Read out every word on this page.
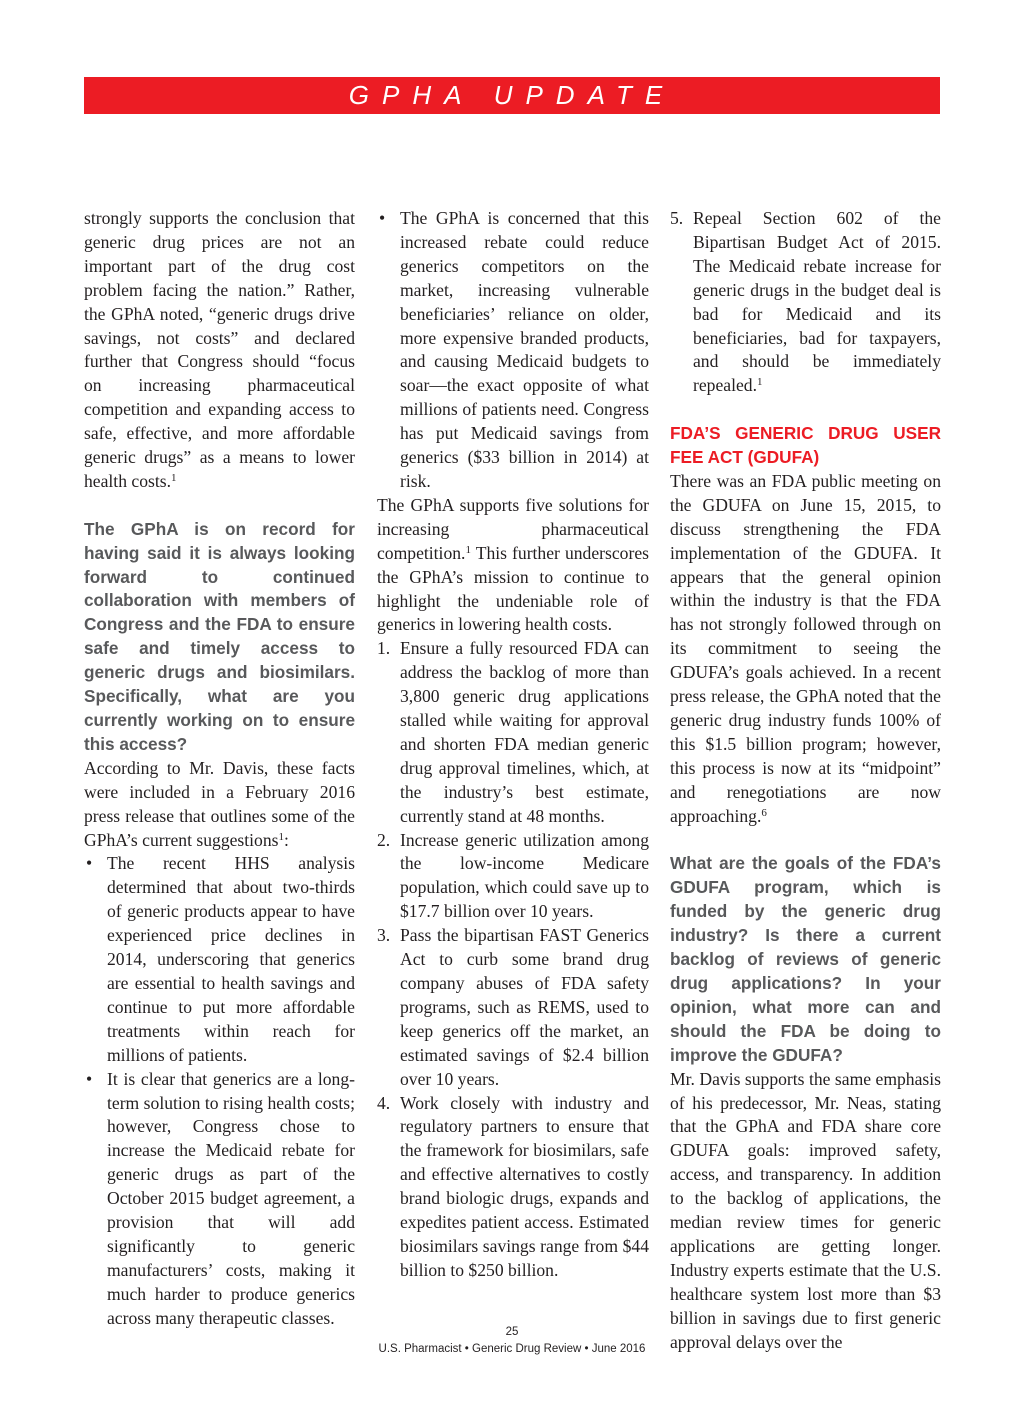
GPHA UPDATE

strongly supports the conclusion that generic drug prices are not an important part of the drug cost problem facing the nation.” Rather, the GPhA noted, “generic drugs drive savings, not costs” and declared further that Congress should “focus on increasing pharmaceutical competition and expanding access to safe, effective, and more affordable generic drugs” as a means to lower health costs.$^1$

The GPhA is on record for having said it is always looking forward to continued collaboration with members of Congress and the FDA to ensure safe and timely access to generic drugs and biosimilars. Specifically, what are you currently working on to ensure this access?

According to Mr. Davis, these facts were included in a February 2016 press release that outlines some of the GPhA’s current suggestions$^1$:

• The recent HHS analysis determined that about two-thirds of generic products appear to have experienced price declines in 2014, underscoring that generics are essential to health savings and continue to put more affordable treatments within reach for millions of patients.
• It is clear that generics are a long-term solution to rising health costs; however, Congress chose to increase the Medicaid rebate for generic drugs as part of the October 2015 budget agreement, a provision that will add significantly to generic manufacturers’ costs, making it much harder to produce generics across many therapeutic classes.
• The GPhA is concerned that this increased rebate could reduce generics competitors on the market, increasing vulnerable beneficiaries’ reliance on older, more expensive branded products, and causing Medicaid budgets to soar—the exact opposite of what millions of patients need. Congress has put Medicaid savings from generics ($33 billion in 2014) at risk.

The GPhA supports five solutions for increasing pharmaceutical competition.$^1$ This further underscores the GPhA’s mission to continue to highlight the undeniable role of generics in lowering health costs.

1. Ensure a fully resourced FDA can address the backlog of more than 3,800 generic drug applications stalled while waiting for approval and shorten FDA median generic drug approval timelines, which, at the industry’s best estimate, currently stand at 48 months.
2. Increase generic utilization among the low-income Medicare population, which could save up to $17.7 billion over 10 years.
3. Pass the bipartisan FAST Generics Act to curb some brand drug company abuses of FDA safety programs, such as REMS, used to keep generics off the market, an estimated savings of $2.4 billion over 10 years.
4. Work closely with industry and regulatory partners to ensure that the framework for biosimilars, safe and effective alternatives to costly brand biologic drugs, expands and expedites patient access. Estimated biosimilars savings range from $44 billion to $250 billion.
5. Repeal Section 602 of the Bipartisan Budget Act of 2015. The Medicaid rebate increase for generic drugs in the budget deal is bad for Medicaid and its beneficiaries, bad for taxpayers, and should be immediately repealed.$^1$

FDA’S GENERIC DRUG USER FEE ACT (GDUFA)

There was an FDA public meeting on the GDUFA on June 15, 2015, to discuss strengthening the FDA implementation of the GDUFA. It appears that the general opinion within the industry is that the FDA has not strongly followed through on its commitment to seeing the GDUFA’s goals achieved. In a recent press release, the GPhA noted that the generic drug industry funds 100% of this $1.5 billion program; however, this process is now at its “midpoint” and renegotiations are now approaching.$^6$

What are the goals of the FDA’s GDUFA program, which is funded by the generic drug industry? Is there a current backlog of reviews of generic drug applications? In your opinion, what more can and should the FDA be doing to improve the GDUFA?

Mr. Davis supports the same emphasis of his predecessor, Mr. Neas, stating that the GPhA and FDA share core GDUFA goals: improved safety, access, and transparency. In addition to the backlog of applications, the median review times for generic applications are getting longer. Industry experts estimate that the U.S. healthcare system lost more than $3 billion in savings due to first generic approval delays over the

25
U.S. Pharmacist • Generic Drug Review • June 2016
